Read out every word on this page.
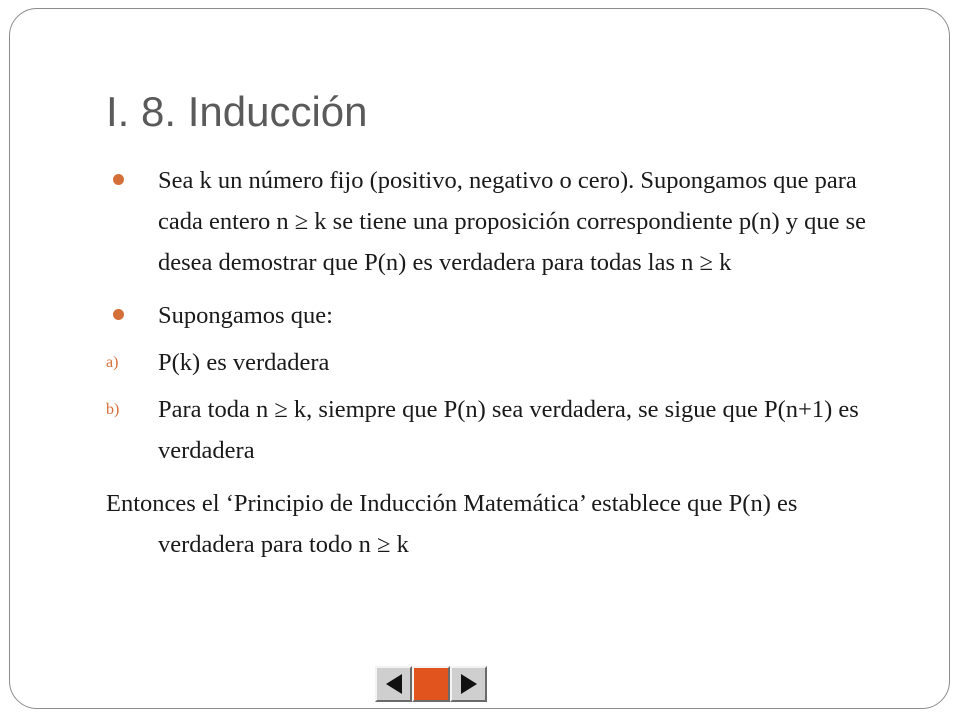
I. 8. Inducción

Sea k un número fijo (positivo, negativo o cero). Supongamos que para cada entero n ≥ k se tiene una proposición correspondiente p(n) y que se desea demostrar que P(n) es verdadera para todas las n ≥ k

Supongamos que:

a) P(k) es verdadera

b) Para toda n ≥ k, siempre que P(n) sea verdadera, se sigue que P(n+1) es verdadera

Entonces el ‘Principio de Inducción Matemática’ establece que P(n) es verdadera para todo n ≥ k
